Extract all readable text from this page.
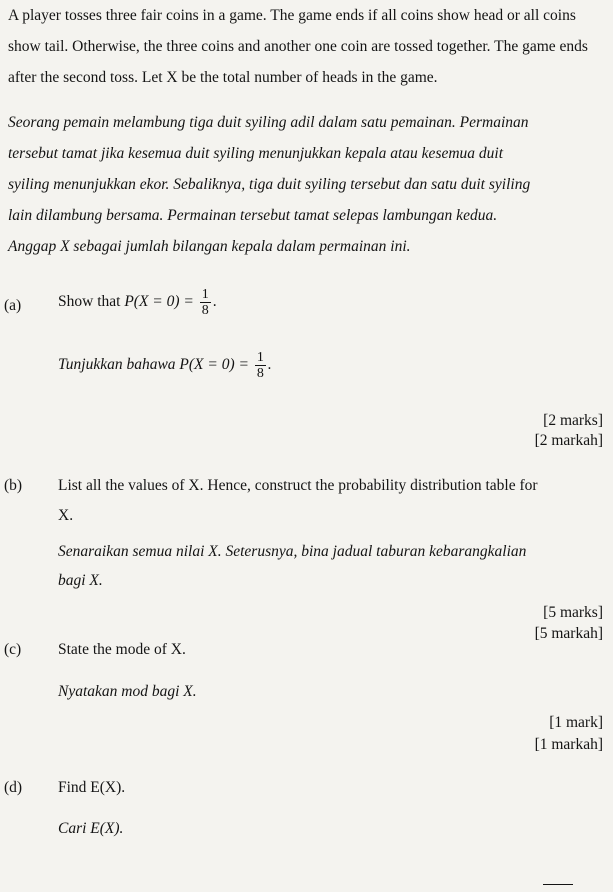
A player tosses three fair coins in a game. The game ends if all coins show head or all coins show tail. Otherwise, the three coins and another one coin are tossed together. The game ends after the second toss. Let X be the total number of heads in the game.
Seorang pemain melambung tiga duit syiling adil dalam satu pemainan. Permainan
tersebut tamat jika kesemua duit syiling menunjukkan kepala atau kesemua duit
syiling menunjukkan ekor. Sebaliknya, tiga duit syiling tersebut dan satu duit syiling
lain dilambung bersama. Permainan tersebut tamat selepas lambungan kedua.
Anggap X sebagai jumlah bilangan kepala dalam permainan ini.
(a) Show that $P(X = 0) = \frac{1}{8}$ .
Tunjukkan bahawa $P(X = 0) = \frac{1}{8}$ .
[2 marks]
[2 markah]
(b) List all the values of X. Hence, construct the probability distribution table for
X.
Senaraikan semua nilai X. Seterusnya, bina jadual taburan kebarangkalian
bagi X.
[5 marks]
[5 markah]
(c) State the mode of X.
Nyatakan mod bagi X.
[1 mark]
[1 markah]
(d) Find E(X).
Cari E(X).
